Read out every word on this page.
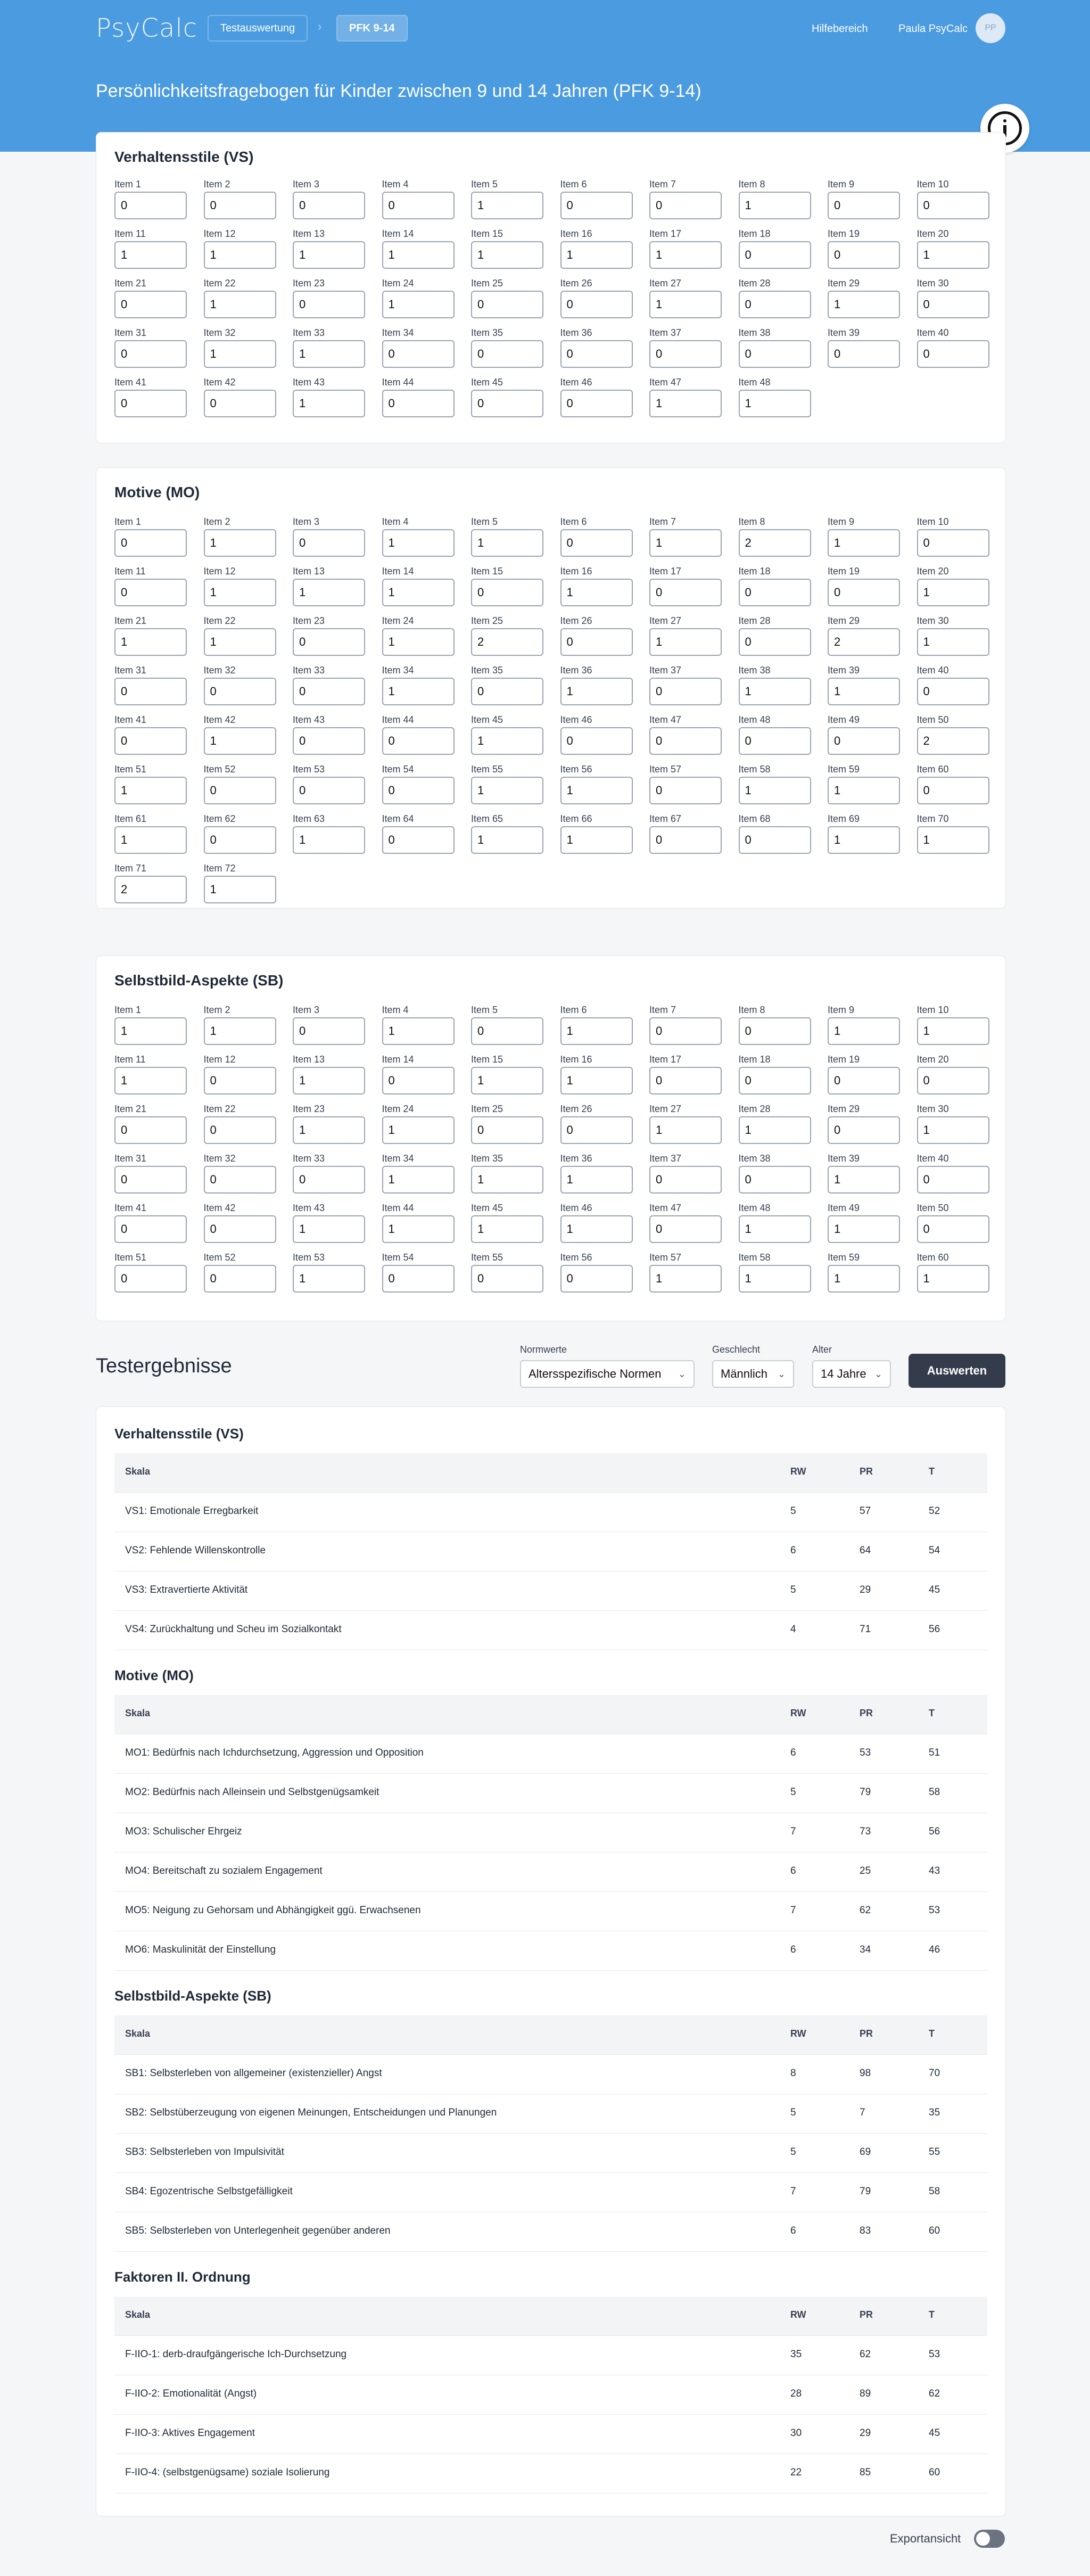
PsyCalc	Testauswertung	›	PFK 9-14	Hilfebereich	Paula PsyCalc	PP
Persönlichkeitsfragebogen für Kinder zwischen 9 und 14 Jahren (PFK 9-14)
Verhaltensstile (VS)
Item 1
0	Item 2
0	Item 3
0	Item 4
0	Item 5
1	Item 6
0	Item 7
0	Item 8
1	Item 9
0	Item 10
0
Item 11
1	Item 12
1	Item 13
1	Item 14
1	Item 15
1	Item 16
1	Item 17
1	Item 18
0	Item 19
0	Item 20
1
Item 21
0	Item 22
1	Item 23
0	Item 24
1	Item 25
0	Item 26
0	Item 27
1	Item 28
0	Item 29
1	Item 30
0
Item 31
0	Item 32
1	Item 33
1	Item 34
0	Item 35
0	Item 36
0	Item 37
0	Item 38
0	Item 39
0	Item 40
0
Item 41
0	Item 42
0	Item 43
1	Item 44
0	Item 45
0	Item 46
0	Item 47
1	Item 48
1
Motive (MO)
Item 1
0	Item 2
1	Item 3
0	Item 4
1	Item 5
1	Item 6
0	Item 7
1	Item 8
2	Item 9
1	Item 10
0
Item 11
0	Item 12
1	Item 13
1	Item 14
1	Item 15
0	Item 16
1	Item 17
0	Item 18
0	Item 19
0	Item 20
1
Item 21
1	Item 22
1	Item 23
0	Item 24
1	Item 25
2	Item 26
0	Item 27
1	Item 28
0	Item 29
2	Item 30
1
Item 31
0	Item 32
0	Item 33
0	Item 34
1	Item 35
0	Item 36
1	Item 37
0	Item 38
1	Item 39
1	Item 40
0
Item 41
0	Item 42
1	Item 43
0	Item 44
0	Item 45
1	Item 46
0	Item 47
0	Item 48
0	Item 49
0	Item 50
2
Item 51
1	Item 52
0	Item 53
0	Item 54
0	Item 55
1	Item 56
1	Item 57
0	Item 58
1	Item 59
1	Item 60
0
Item 61
1	Item 62
0	Item 63
1	Item 64
0	Item 65
1	Item 66
1	Item 67
0	Item 68
0	Item 69
1	Item 70
1
Item 71
2	Item 72
1
Selbstbild-Aspekte (SB)
Item 1
1	Item 2
1	Item 3
0	Item 4
1	Item 5
0	Item 6
1	Item 7
0	Item 8
0	Item 9
1	Item 10
1
Item 11
1	Item 12
0	Item 13
1	Item 14
0	Item 15
1	Item 16
1	Item 17
0	Item 18
0	Item 19
0	Item 20
0
Item 21
0	Item 22
0	Item 23
1	Item 24
1	Item 25
0	Item 26
0	Item 27
1	Item 28
1	Item 29
0	Item 30
1
Item 31
0	Item 32
0	Item 33
0	Item 34
1	Item 35
1	Item 36
1	Item 37
0	Item 38
0	Item 39
1	Item 40
0
Item 41
0	Item 42
0	Item 43
1	Item 44
1	Item 45
1	Item 46
1	Item 47
0	Item 48
1	Item 49
1	Item 50
0
Item 51
0	Item 52
0	Item 53
1	Item 54
0	Item 55
0	Item 56
0	Item 57
1	Item 58
1	Item 59
1	Item 60
1
Testergebnisse
Normwerte
Altersspezifische Normen ⌄
Geschlecht
Männlich ⌄
Alter
14 Jahre ⌄	Auswerten
Verhaltensstile (VS)
Skala	RW	PR	T
VS1: Emotionale Erregbarkeit	5	57	52
VS2: Fehlende Willenskontrolle	6	64	54
VS3: Extravertierte Aktivität	5	29	45
VS4: Zurückhaltung und Scheu im Sozialkontakt	4	71	56
Motive (MO)
Skala	RW	PR	T
MO1: Bedürfnis nach Ichdurchsetzung, Aggression und Opposition	6	53	51
MO2: Bedürfnis nach Alleinsein und Selbstgenügsamkeit	5	79	58
MO3: Schulischer Ehrgeiz	7	73	56
MO4: Bereitschaft zu sozialem Engagement	6	25	43
MO5: Neigung zu Gehorsam und Abhängigkeit ggü. Erwachsenen	7	62	53
MO6: Maskulinität der Einstellung	6	34	46
Selbstbild-Aspekte (SB)
Skala	RW	PR	T
SB1: Selbsterleben von allgemeiner (existenzieller) Angst	8	98	70
SB2: Selbstüberzeugung von eigenen Meinungen, Entscheidungen und Planungen	5	7	35
SB3: Selbsterleben von Impulsivität	5	69	55
SB4: Egozentrische Selbstgefälligkeit	7	79	58
SB5: Selbsterleben von Unterlegenheit gegenüber anderen	6	83	60
Faktoren II. Ordnung
Skala	RW	PR	T
F-IIO-1: derb-draufgängerische Ich-Durchsetzung	35	62	53
F-IIO-2: Emotionalität (Angst)	28	89	62
F-IIO-3: Aktives Engagement	30	29	45
F-IIO-4: (selbstgenügsame) soziale Isolierung	22	85	60
Exportansicht
